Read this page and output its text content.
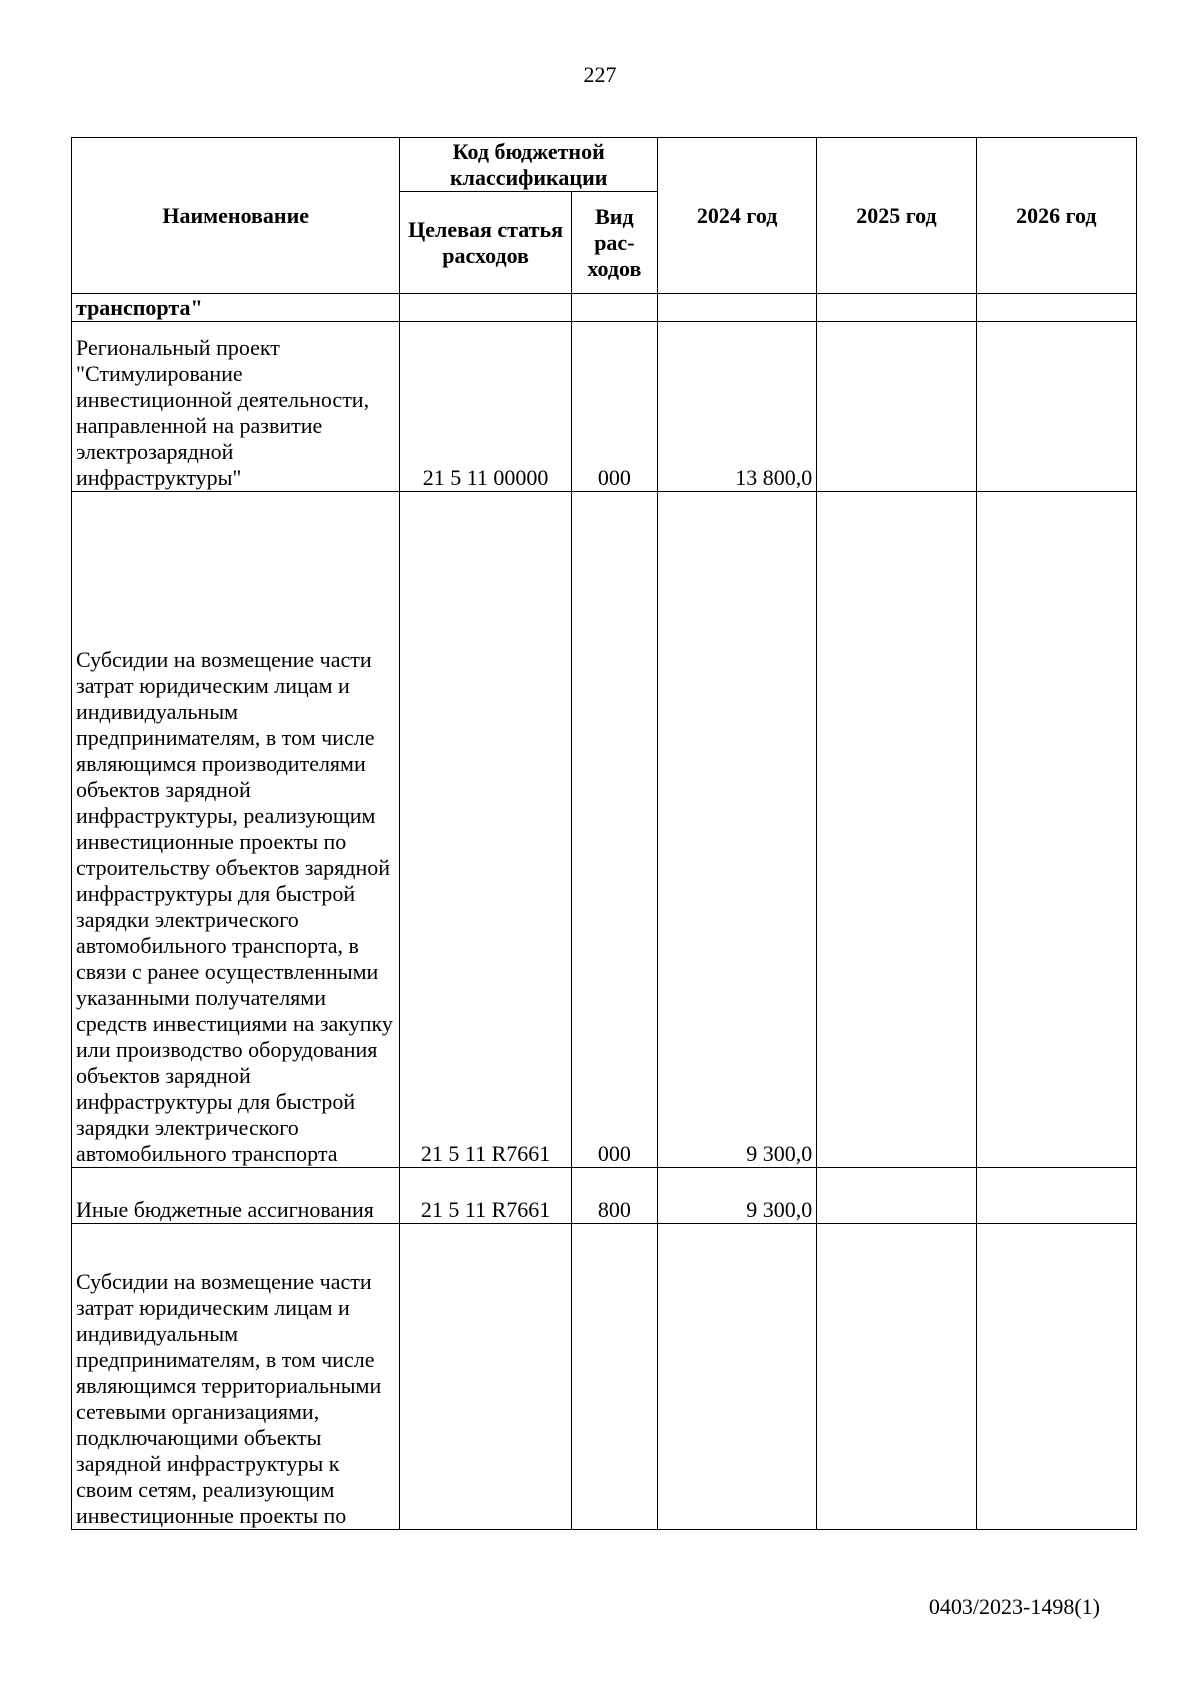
227
Наименование	Код бюджетной классификации		2024 год	2025 год	2026 год
	Целевая статья расходов	Вид рас-ходов			
транспорта"					
Региональный проект "Стимулирование инвестиционной деятельности, направленной на развитие электрозарядной инфраструктуры"	21 5 11 00000	000	13 800,0		
Субсидии на возмещение части затрат юридическим лицам и индивидуальным предпринимателям, в том числе являющимся производителями объектов зарядной инфраструктуры, реализующим инвестиционные проекты по строительству объектов зарядной инфраструктуры для быстрой зарядки электрического автомобильного транспорта, в связи с ранее осуществленными указанными получателями средств инвестициями на закупку или производство оборудования объектов зарядной инфраструктуры для быстрой зарядки электрического автомобильного транспорта	21 5 11 R7661	000	9 300,0		
Иные бюджетные ассигнования	21 5 11 R7661	800	9 300,0		
Субсидии на возмещение части затрат юридическим лицам и индивидуальным предпринимателям, в том числе являющимся территориальными сетевыми организациями, подключающими объекты зарядной инфраструктуры к своим сетям, реализующим инвестиционные проекты по					
0403/2023-1498(1)
